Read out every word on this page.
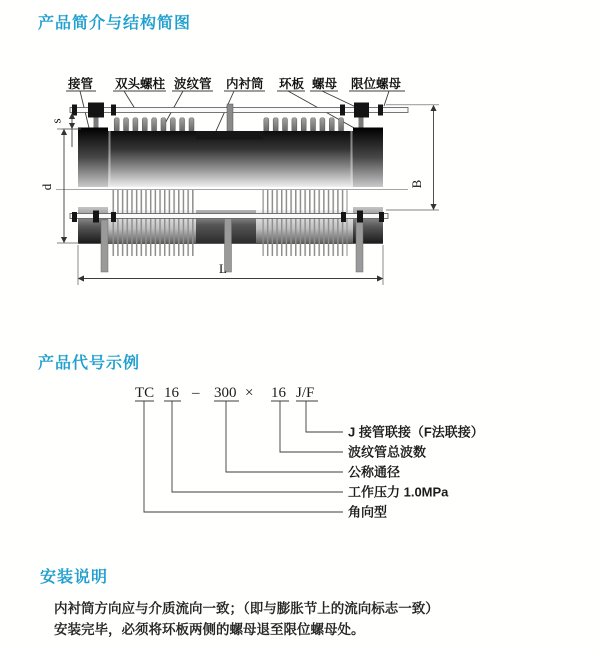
产品简介与结构简图
接管 双头螺柱 波纹管 内衬筒 环板 螺母 限位螺母
s
d	B
L
产品代号示例
TC 16 – 300 × 16 J/F
J 接管联接（F法联接）
波纹管总波数
公称通径
工作压力 1.0MPa
角向型
安装说明
内衬筒方向应与介质流向一致；（即与膨胀节上的流向标志一致）
安装完毕，必须将环板两侧的螺母退至限位螺母处。
